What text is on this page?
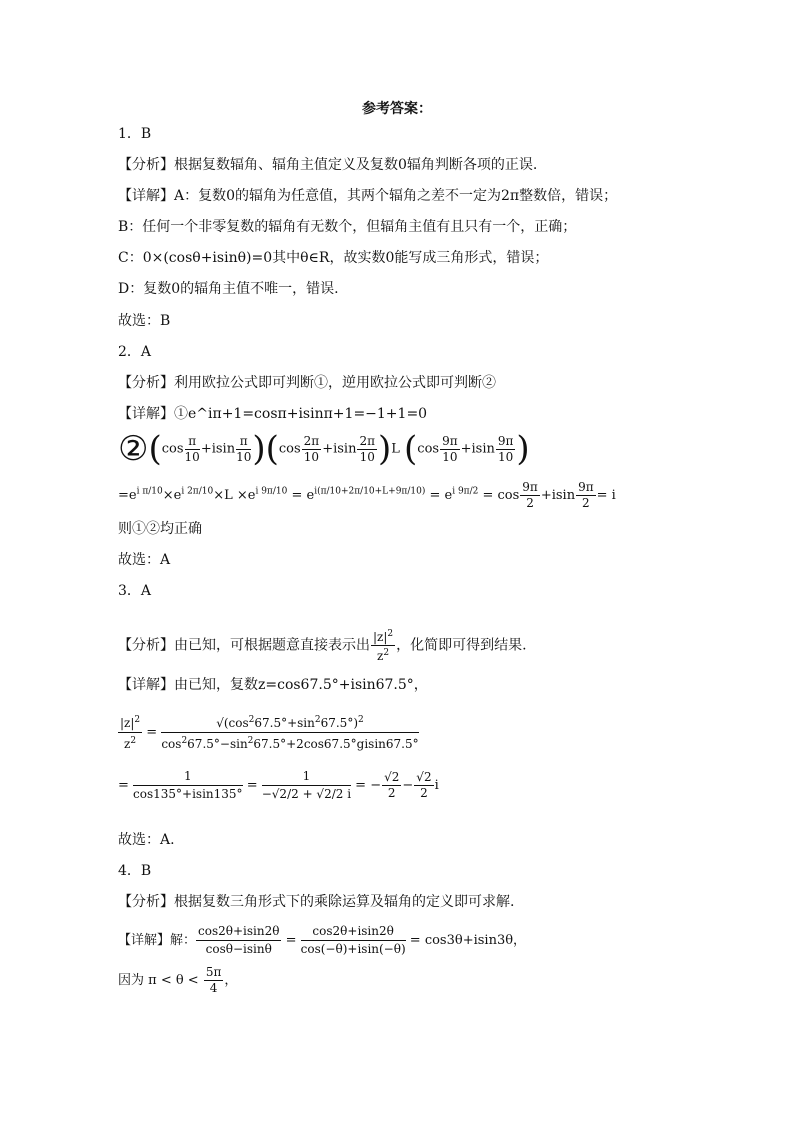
参考答案：
1．B
【分析】根据复数辐角、辐角主值定义及复数0辐角判断各项的正误.
【详解】A：复数0的辐角为任意值，其两个辐角之差不一定为2π整数倍，错误；
B：任何一个非零复数的辐角有无数个，但辐角主值有且只有一个，正确；
C：0×(cosθ+isinθ)=0其中θ∈R，故实数0能写成三角形式，错误；
D：复数0的辐角主值不唯一，错误.
故选：B
2．A
【分析】利用欧拉公式即可判断①，逆用欧拉公式即可判断②
【详解】①e^iπ+1=cosπ+isinπ+1=−1+1=0
②(cos $\frac{\pi}{10} +isin \frac{\pi}{10} )(\cos \frac{2\pi}{10} +isin \frac{2\pi}{10} )L$ ($\cos \frac{9\pi}{10} +isin \frac{9\pi}{10}$ )
$=e^{i \pi/10}\times e^{i 2\pi/10}\times L \times e^{i 9\pi/10} = e^{i(\pi/10+2\pi/10+L+9\pi/10)} = e^{i 9\pi/2} = \cos \frac{9\pi}{2} +isin \frac{9\pi}{2} = i$
则①②均正确
故选：A
3．A
【分析】由已知，可根据题意直接表示出 $\frac{|z|^2}{z^2}$ ，化简即可得到结果.
【详解】由已知，复数z=cos67.5°+isin67.5°，
$\frac{|z|^2}{z^2} = \frac{√(\cos^267.5^\circ+\sin^267.5^\circ)^2}{\cos^267.5^\circ-\sin^267.5^\circ+2\cos 67.5^\circ gisin67.5^\circ}$
= $\frac{1}{\cos 135^\circ+isin135^\circ} = \frac{1}{-√2/2 + √2/2 i}$ = − $\frac{√2}{2} - \frac{√2}{2}$ i
故选：A.
4．B
【分析】根据复数三角形式下的乘除运算及辐角的定义即可求解.
【详解】解： $\frac{\cos 2\theta+isin2\theta}{\cos\theta-isin\theta} = \frac{\cos 2\theta+isin2\theta}{\cos(-\theta)+isin(-\theta)} = \cos 3\theta+isin3\theta$，
因为 $\pi < \theta < \frac{5\pi}{4}$ ，
